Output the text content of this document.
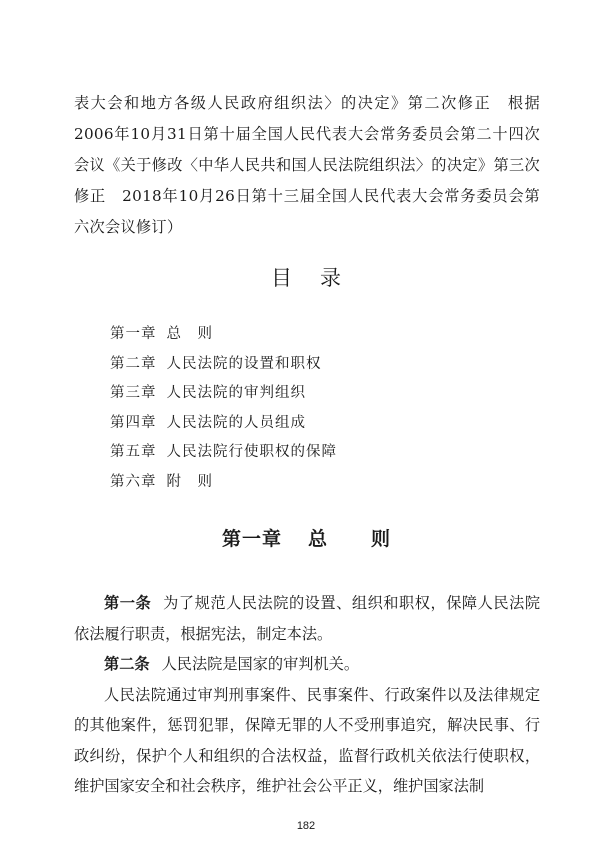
表大会和地方各级人民政府组织法〉的决定》第二次修正　根据2006年10月31日第十届全国人民代表大会常务委员会第二十四次会议《关于修改〈中华人民共和国人民法院组织法〉的决定》第三次修正　2018年10月26日第十三届全国人民代表大会常务委员会第六次会议修订）

目录
第一章 总　则
第二章 人民法院的设置和职权
第三章 人民法院的审判组织
第四章 人民法院的人员组成
第五章 人民法院行使职权的保障
第六章 附　则
第一章 总 则

第一条 为了规范人民法院的设置、组织和职权，保障人民法院依法履行职责，根据宪法，制定本法。

第二条 人民法院是国家的审判机关。

人民法院通过审判刑事案件、民事案件、行政案件以及法律规定的其他案件，惩罚犯罪，保障无罪的人不受刑事追究，解决民事、行政纠纷，保护个人和组织的合法权益，监督行政机关依法行使职权，维护国家安全和社会秩序，维护社会公平正义，维护国家法制

182
